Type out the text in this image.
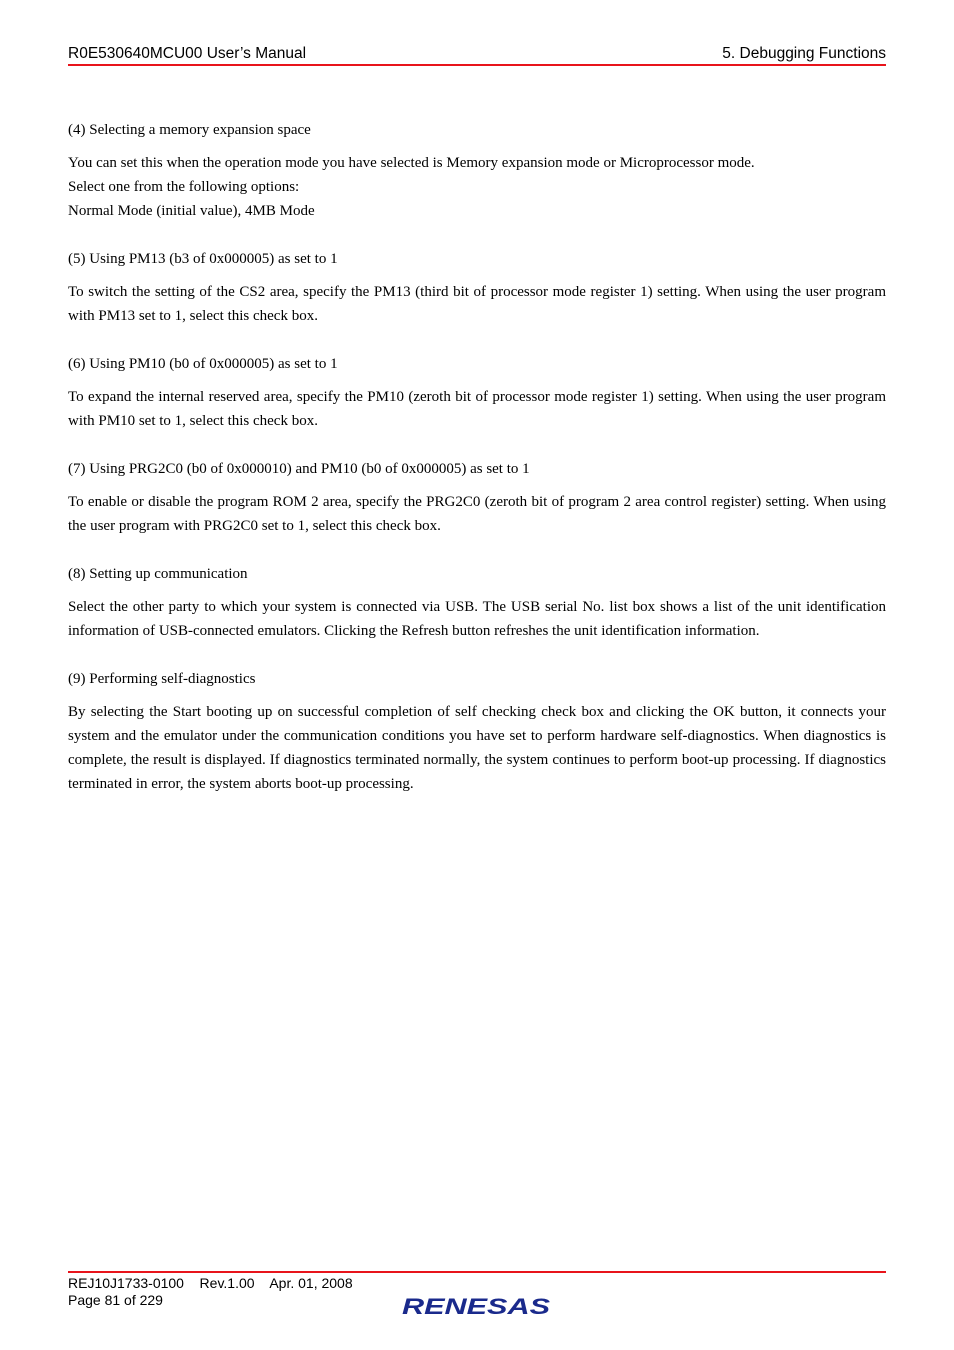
R0E530640MCU00 User’s Manual	5. Debugging Functions

(4) Selecting a memory expansion space

You can set this when the operation mode you have selected is Memory expansion mode or Microprocessor mode.

Select one from the following options:

Normal Mode (initial value), 4MB Mode

(5) Using PM13 (b3 of 0x000005) as set to 1

To switch the setting of the CS2 area, specify the PM13 (third bit of processor mode register 1) setting. When using the user program with PM13 set to 1, select this check box.

(6) Using PM10 (b0 of 0x000005) as set to 1

To expand the internal reserved area, specify the PM10 (zeroth bit of processor mode register 1) setting. When using the user program with PM10 set to 1, select this check box.

(7) Using PRG2C0 (b0 of 0x000010) and PM10 (b0 of 0x000005) as set to 1

To enable or disable the program ROM 2 area, specify the PRG2C0 (zeroth bit of program 2 area control register) setting. When using the user program with PRG2C0 set to 1, select this check box.

(8) Setting up communication

Select the other party to which your system is connected via USB. The USB serial No. list box shows a list of the unit identification information of USB-connected emulators. Clicking the Refresh button refreshes the unit identification information.

(9) Performing self-diagnostics

By selecting the Start booting up on successful completion of self checking check box and clicking the OK button, it connects your system and the emulator under the communication conditions you have set to perform hardware self-diagnostics. When diagnostics is complete, the result is displayed. If diagnostics terminated normally, the system continues to perform boot-up processing. If diagnostics terminated in error, the system aborts boot-up processing.

REJ10J1733-0100 Rev.1.00 Apr. 01, 2008
Page 81 of 229	RENESAS
